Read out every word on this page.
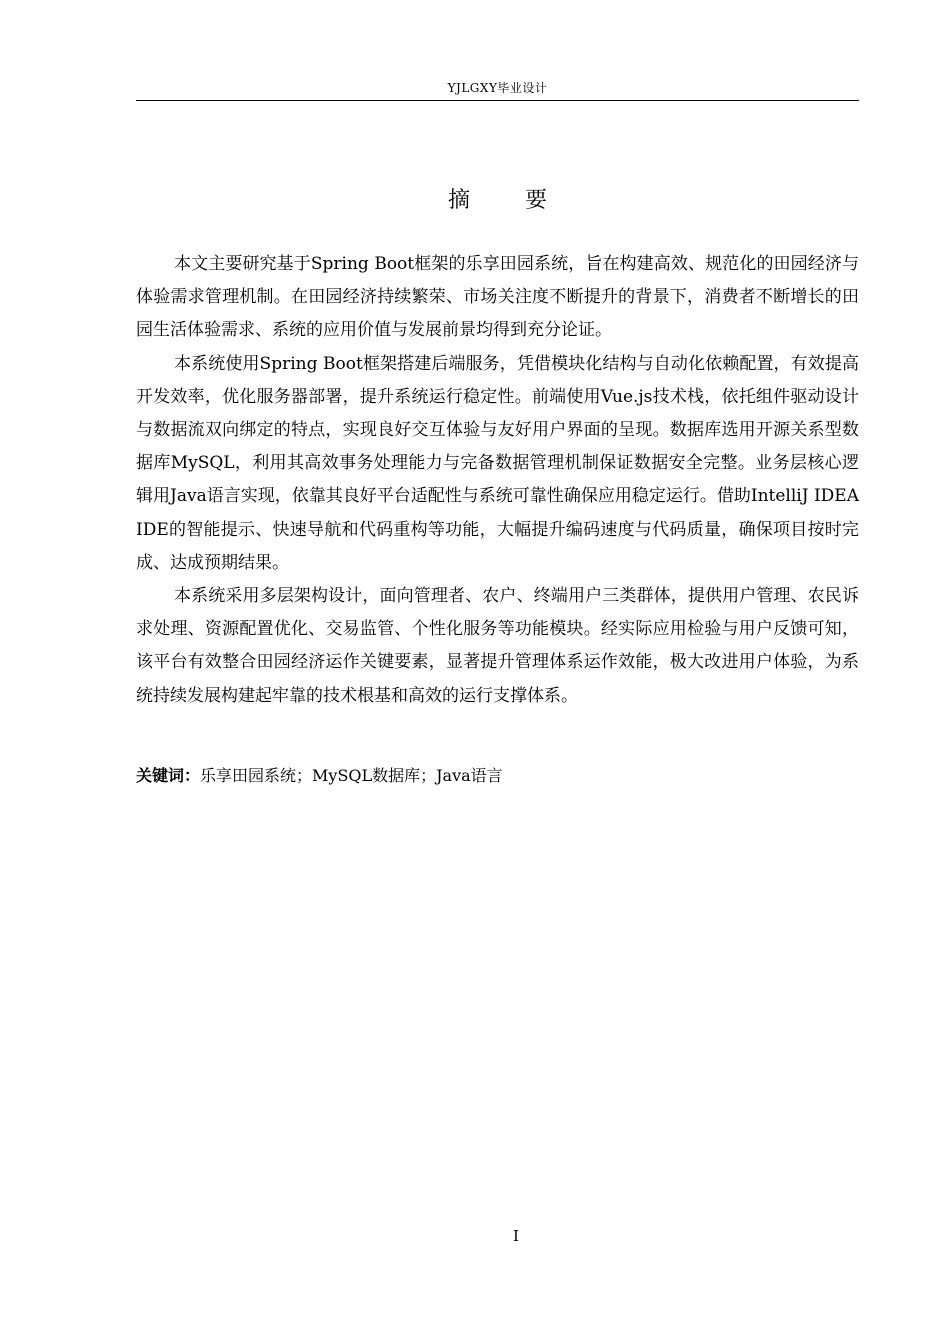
YJLGXY毕业设计
摘 要

本文主要研究基于Spring Boot框架的乐享田园系统，旨在构建高效、规范化的田园经济与体验需求管理机制。在田园经济持续繁荣、市场关注度不断提升的背景下，消费者不断增长的田园生活体验需求、系统的应用价值与发展前景均得到充分论证。

本系统使用Spring Boot框架搭建后端服务，凭借模块化结构与自动化依赖配置，有效提高开发效率，优化服务器部署，提升系统运行稳定性。前端使用Vue.js技术栈，依托组件驱动设计与数据流双向绑定的特点，实现良好交互体验与友好用户界面的呈现。数据库选用开源关系型数据库MySQL，利用其高效事务处理能力与完备数据管理机制保证数据安全完整。业务层核心逻辑用Java语言实现，依靠其良好平台适配性与系统可靠性确保应用稳定运行。借助IntelliJ IDEA IDE的智能提示、快速导航和代码重构等功能，大幅提升编码速度与代码质量，确保项目按时完成、达成预期结果。

本系统采用多层架构设计，面向管理者、农户、终端用户三类群体，提供用户管理、农民诉求处理、资源配置优化、交易监管、个性化服务等功能模块。经实际应用检验与用户反馈可知，该平台有效整合田园经济运作关键要素，显著提升管理体系运作效能，极大改进用户体验，为系统持续发展构建起牢靠的技术根基和高效的运行支撑体系。

关键词：乐享田园系统；MySQL数据库；Java语言
I
